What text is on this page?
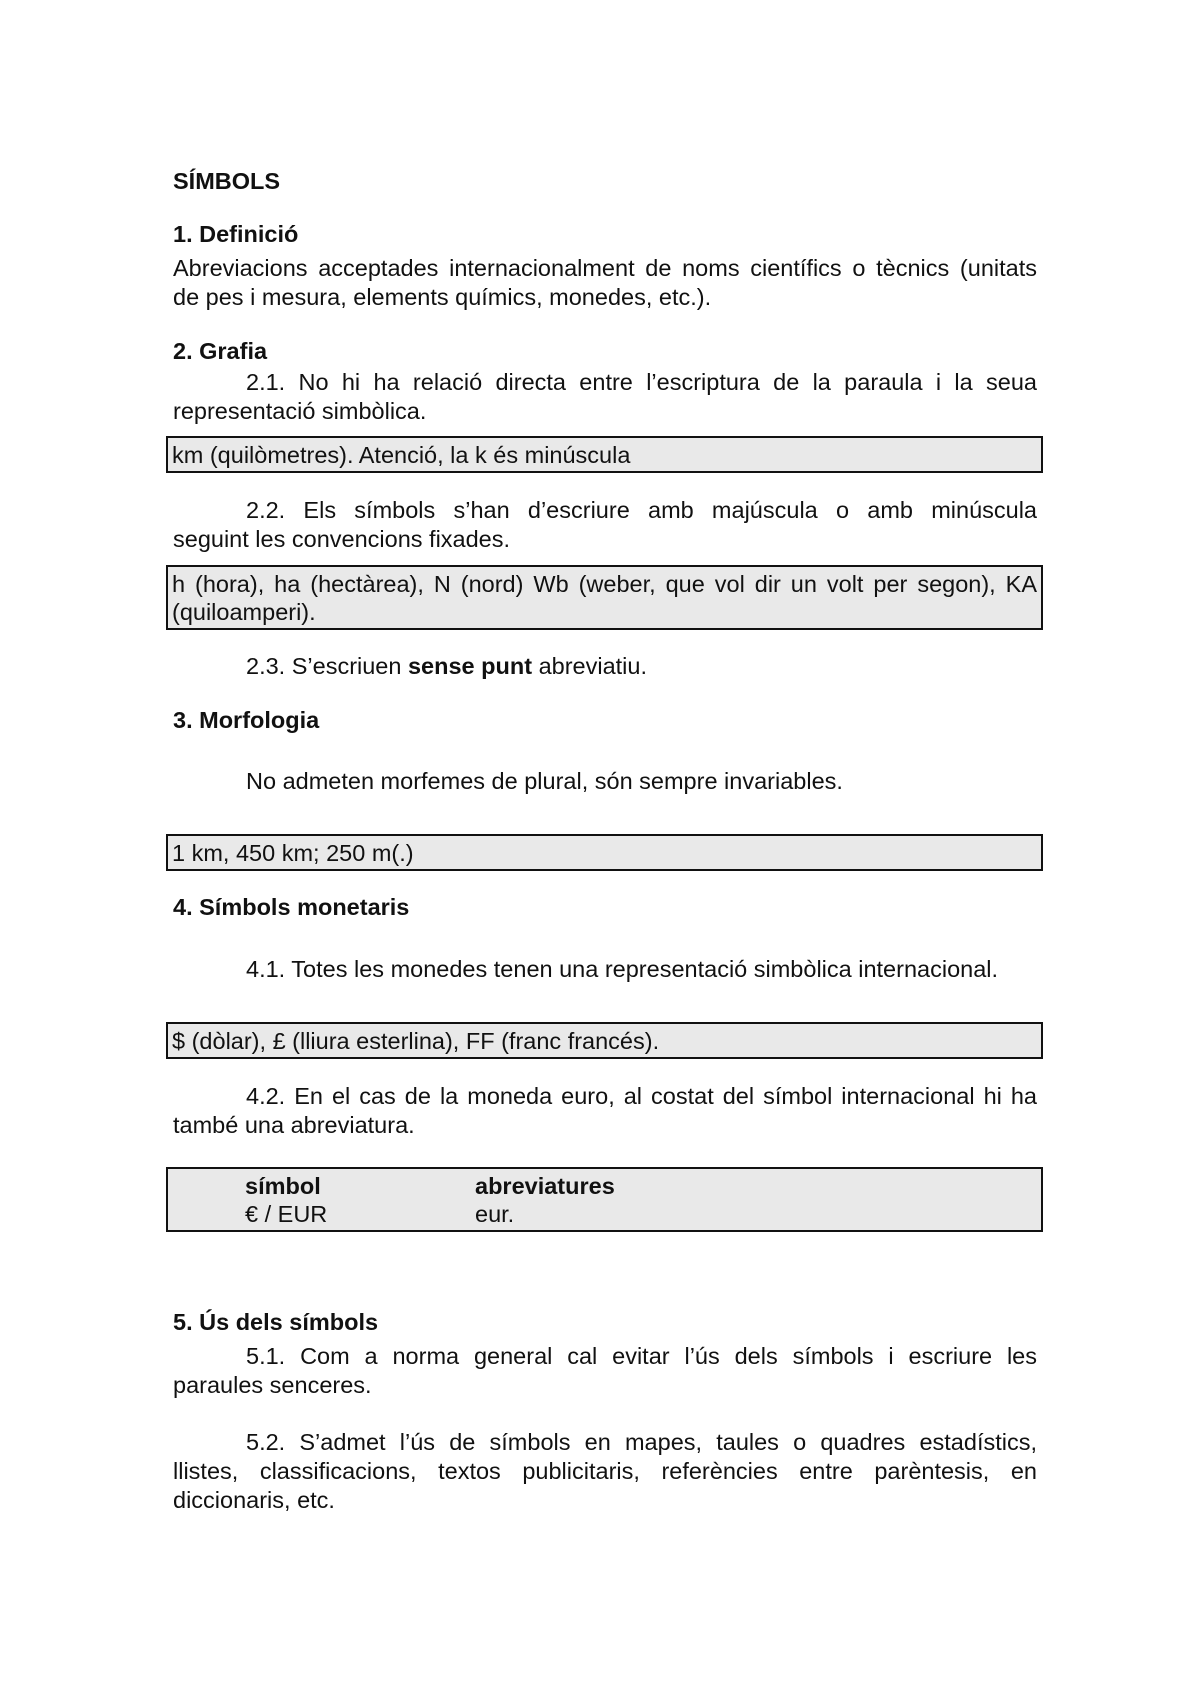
SÍMBOLS
1. Definició
Abreviacions acceptades internacionalment de noms científics o tècnics (unitats
de pes i mesura, elements químics, monedes, etc.).
2. Grafia
2.1. No hi ha relació directa entre l’escriptura de la paraula i la seua
representació simbòlica.
km (quilòmetres). Atenció, la k és minúscula
2.2. Els símbols s’han d’escriure amb majúscula o amb minúscula
seguint les convencions fixades.
h (hora), ha (hectàrea), N (nord) Wb (weber, que vol dir un volt per segon), KA
(quiloamperi).
2.3. S’escriuen sense punt abreviatiu.
3. Morfologia
No admeten morfemes de plural, són sempre invariables.
1 km, 450 km; 250 m(.)
4. Símbols monetaris
4.1. Totes les monedes tenen una representació simbòlica internacional.
$ (dòlar), £ (lliura esterlina), FF (franc francés).
4.2. En el cas de la moneda euro, al costat del símbol internacional hi ha
també una abreviatura.
símbol	abreviatures
€ / EUR	eur.
5. Ús dels símbols
5.1. Com a norma general cal evitar l’ús dels símbols i escriure les
paraules senceres.
5.2. S’admet l’ús de símbols en mapes, taules o quadres estadístics,
llistes, classificacions, textos publicitaris, referències entre parèntesis, en
diccionaris, etc.
